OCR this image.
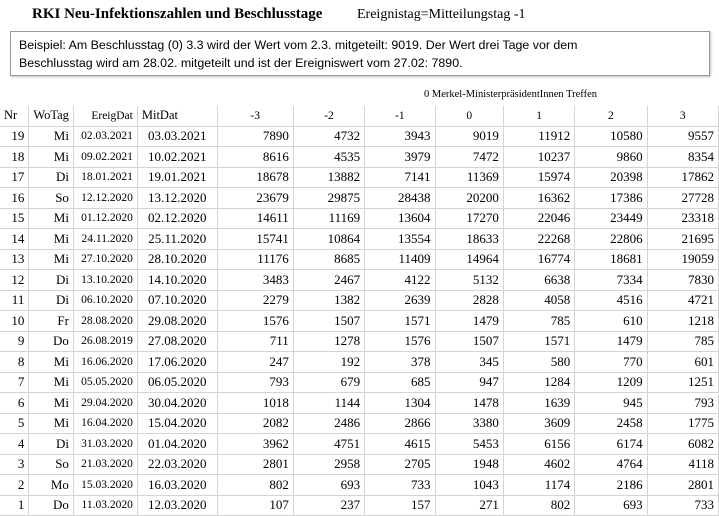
RKI Neu-Infektionszahlen und Beschlusstage Ereignistag=Mitteilungstag -1
Beispiel: Am Beschlusstag (0) 3.3 wird der Wert vom 2.3. mitgeteilt: 9019. Der Wert drei Tage vor dem
Beschlusstag wird am 28.02. mitgeteilt und ist der Ereigniswert vom 27.02: 7890.
0 Merkel-MinisterpräsidentInnen Treffen
Nr	WoTag	EreigDat	MitDat	-3	-2	-1	0	1	2	3
19	Mi	02.03.2021	03.03.2021	7890	4732	3943	9019	11912	10580	9557
18	Mi	09.02.2021	10.02.2021	8616	4535	3979	7472	10237	9860	8354
17	Di	18.01.2021	19.01.2021	18678	13882	7141	11369	15974	20398	17862
16	So	12.12.2020	13.12.2020	23679	29875	28438	20200	16362	17386	27728
15	Mi	01.12.2020	02.12.2020	14611	11169	13604	17270	22046	23449	23318
14	Mi	24.11.2020	25.11.2020	15741	10864	13554	18633	22268	22806	21695
13	Mi	27.10.2020	28.10.2020	11176	8685	11409	14964	16774	18681	19059
12	Di	13.10.2020	14.10.2020	3483	2467	4122	5132	6638	7334	7830
11	Di	06.10.2020	07.10.2020	2279	1382	2639	2828	4058	4516	4721
10	Fr	28.08.2020	29.08.2020	1576	1507	1571	1479	785	610	1218
9	Do	26.08.2019	27.08.2020	711	1278	1576	1507	1571	1479	785
8	Mi	16.06.2020	17.06.2020	247	192	378	345	580	770	601
7	Mi	05.05.2020	06.05.2020	793	679	685	947	1284	1209	1251
6	Mi	29.04.2020	30.04.2020	1018	1144	1304	1478	1639	945	793
5	Mi	16.04.2020	15.04.2020	2082	2486	2866	3380	3609	2458	1775
4	Di	31.03.2020	01.04.2020	3962	4751	4615	5453	6156	6174	6082
3	So	21.03.2020	22.03.2020	2801	2958	2705	1948	4602	4764	4118
2	Mo	15.03.2020	16.03.2020	802	693	733	1043	1174	2186	2801
1	Do	11.03.2020	12.03.2020	107	237	157	271	802	693	733
